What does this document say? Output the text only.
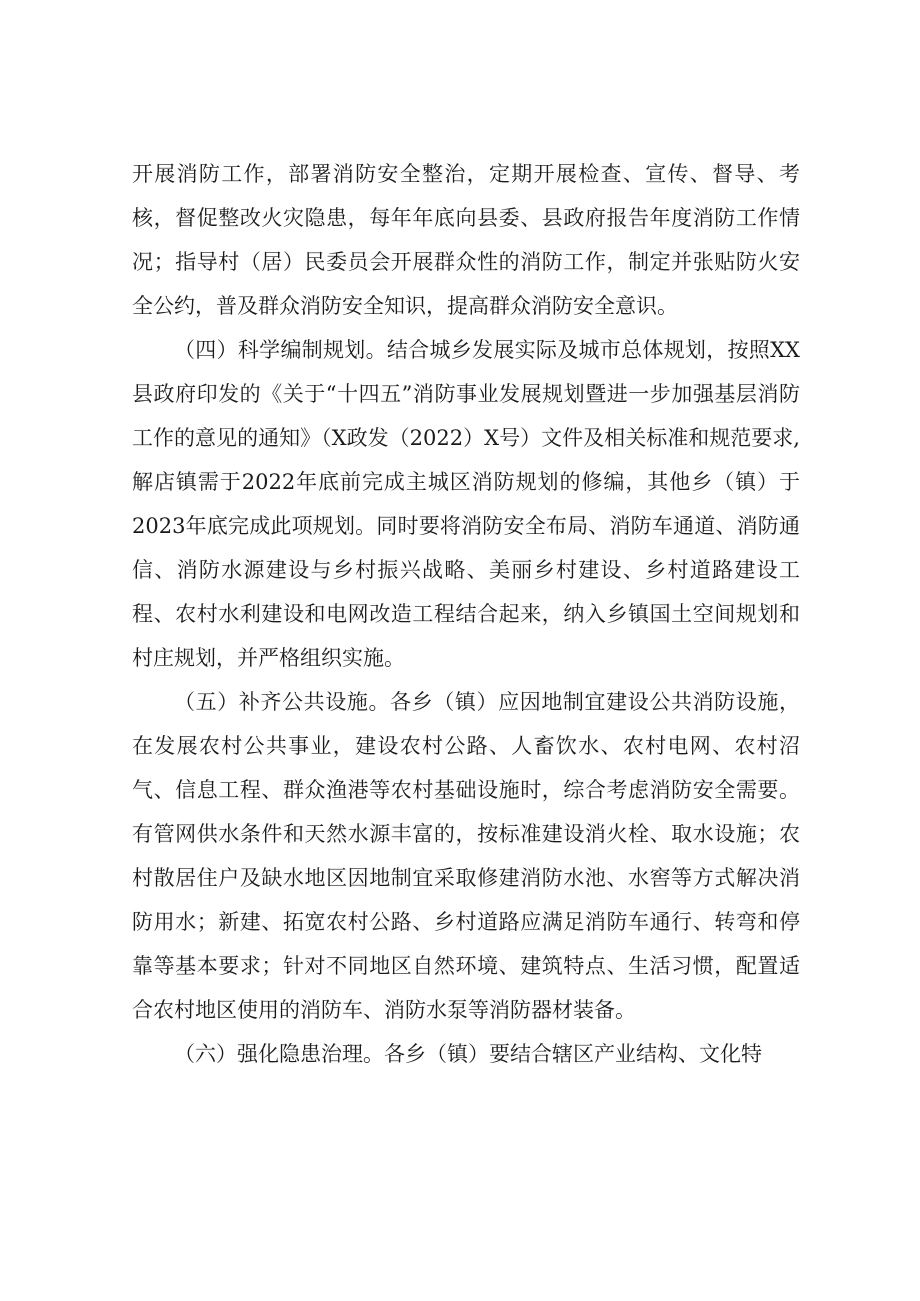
开展消防工作，部署消防安全整治，定期开展检查、宣传、督导、考核，督促整改火灾隐患，每年年底向县委、县政府报告年度消防工作情况；指导村（居）民委员会开展群众性的消防工作，制定并张贴防火安全公约，普及群众消防安全知识，提高群众消防安全意识。

（四）科学编制规划。结合城乡发展实际及城市总体规划，按照XX县政府印发的《关于“十四五”消防事业发展规划暨进一步加强基层消防工作的意见的通知》（X政发（2022）X号）文件及相关标准和规范要求,解店镇需于2022年底前完成主城区消防规划的修编，其他乡（镇）于2023年底完成此项规划。同时要将消防安全布局、消防车通道、消防通信、消防水源建设与乡村振兴战略、美丽乡村建设、乡村道路建设工程、农村水利建设和电网改造工程结合起来，纳入乡镇国土空间规划和村庄规划，并严格组织实施。

（五）补齐公共设施。各乡（镇）应因地制宜建设公共消防设施，在发展农村公共事业，建设农村公路、人畜饮水、农村电网、农村沼气、信息工程、群众渔港等农村基础设施时，综合考虑消防安全需要。有管网供水条件和天然水源丰富的，按标准建设消火栓、取水设施；农村散居住户及缺水地区因地制宜采取修建消防水池、水窖等方式解决消防用水；新建、拓宽农村公路、乡村道路应满足消防车通行、转弯和停靠等基本要求；针对不同地区自然环境、建筑特点、生活习惯，配置适合农村地区使用的消防车、消防水泵等消防器材装备。

（六）强化隐患治理。各乡（镇）要结合辖区产业结构、文化特
